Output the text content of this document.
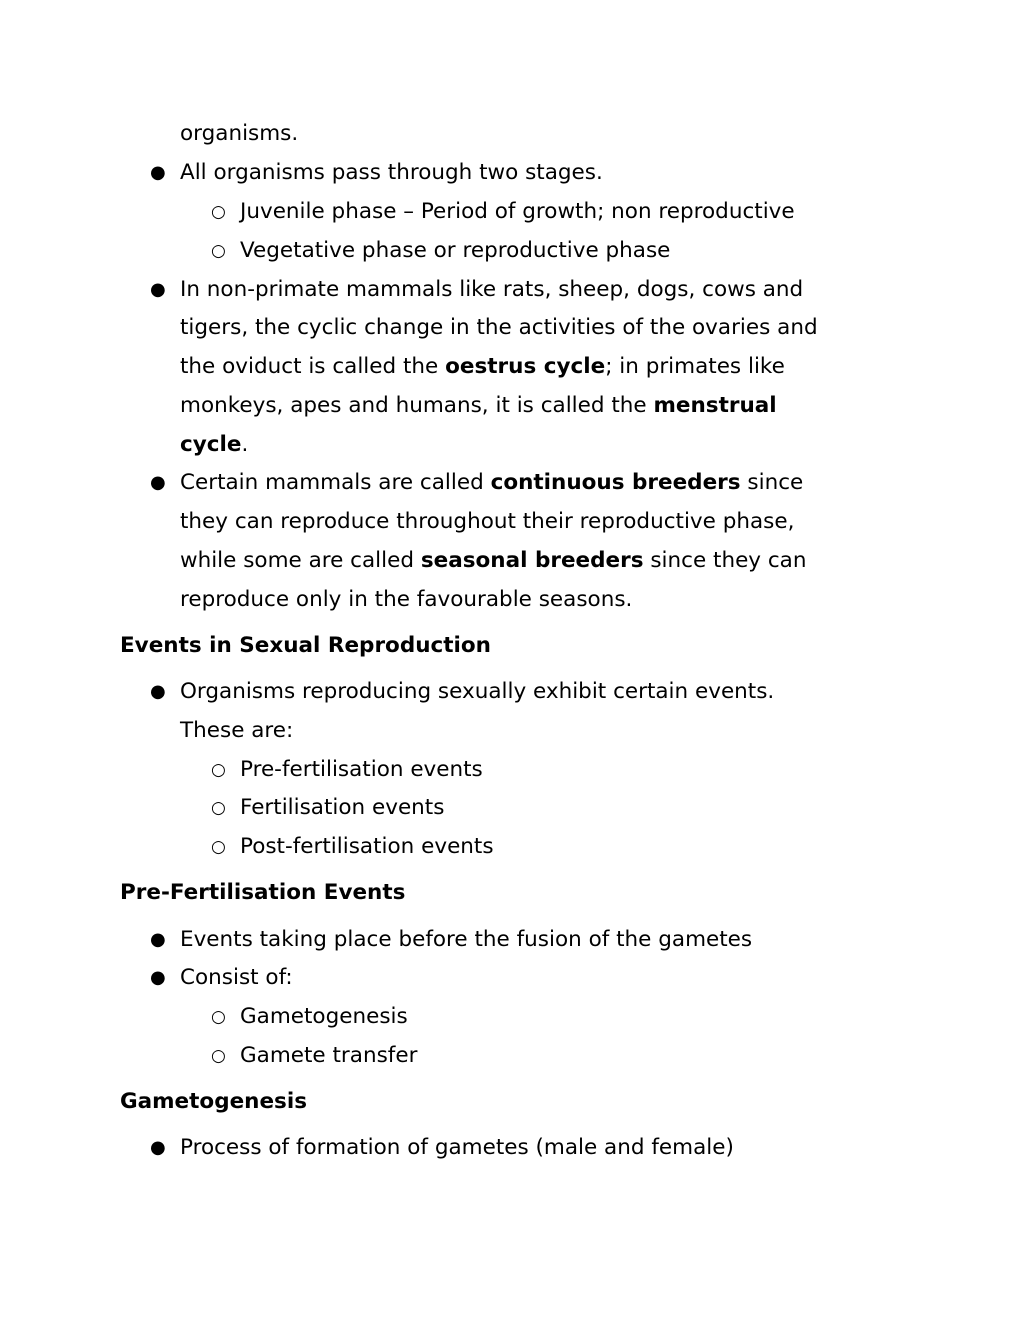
organisms.
● All organisms pass through two stages.
○ Juvenile phase – Period of growth; non reproductive
○ Vegetative phase or reproductive phase
● In non-primate mammals like rats, sheep, dogs, cows and
tigers, the cyclic change in the activities of the ovaries and
the oviduct is called the oestrus cycle; in primates like
monkeys, apes and humans, it is called the menstrual
cycle.
● Certain mammals are called continuous breeders since
they can reproduce throughout their reproductive phase,
while some are called seasonal breeders since they can
reproduce only in the favourable seasons.
Events in Sexual Reproduction
● Organisms reproducing sexually exhibit certain events.
These are:
○ Pre-fertilisation events
○ Fertilisation events
○ Post-fertilisation events
Pre-Fertilisation Events
● Events taking place before the fusion of the gametes
● Consist of:
○ Gametogenesis
○ Gamete transfer
Gametogenesis
● Process of formation of gametes (male and female)
